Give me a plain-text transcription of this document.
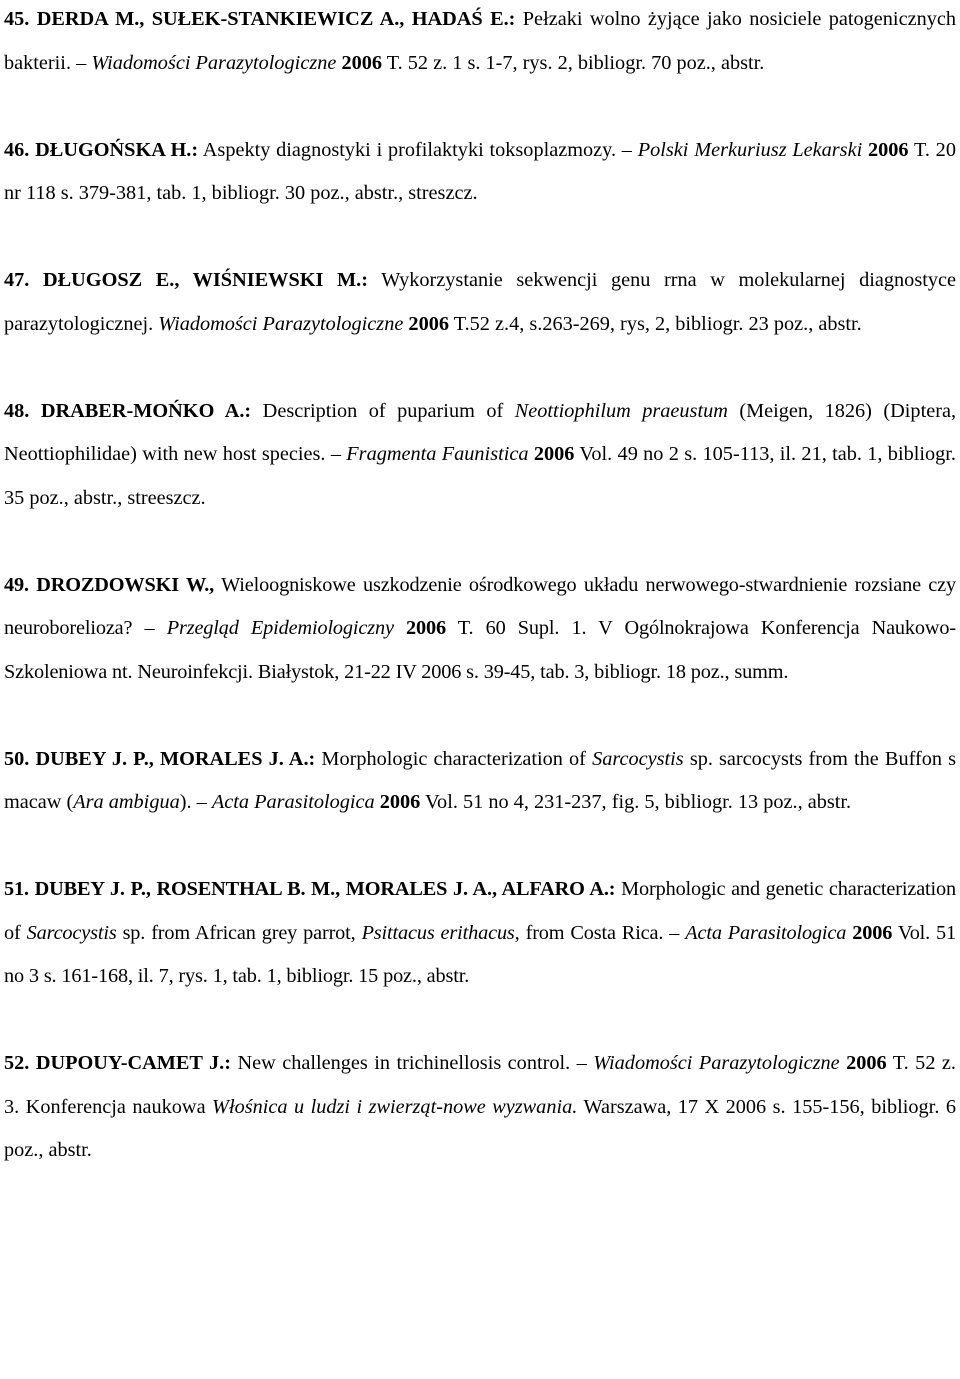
45. DERDA M., SUŁEK-STANKIEWICZ A., HADAŚ E.: Pełzaki wolno żyjące jako nosiciele patogenicznych bakterii. – Wiadomości Parazytologiczne 2006 T. 52 z. 1 s. 1-7, rys. 2, bibliogr. 70 poz., abstr.

46. DŁUGOŃSKA H.: Aspekty diagnostyki i profilaktyki toksoplazmozy. – Polski Merkuriusz Lekarski 2006 T. 20 nr 118 s. 379-381, tab. 1, bibliogr. 30 poz., abstr., streszcz.

47. DŁUGOSZ E., WIŚNIEWSKI M.: Wykorzystanie sekwencji genu rrna w molekularnej diagnostyce parazytologicznej. Wiadomości Parazytologiczne 2006 T.52 z.4, s.263-269, rys, 2, bibliogr. 23 poz., abstr.

48. DRABER-MOŃKO A.: Description of puparium of Neottiophilum praeustum (Meigen, 1826) (Diptera, Neottiophilidae) with new host species. – Fragmenta Faunistica 2006 Vol. 49 no 2 s. 105-113, il. 21, tab. 1, bibliogr. 35 poz., abstr., streeszcz.

49. DROZDOWSKI W., Wieloogniskowe uszkodzenie ośrodkowego układu nerwowego-stwardnienie rozsiane czy neuroborelioza? – Przegląd Epidemiologiczny 2006 T. 60 Supl. 1. V Ogólnokrajowa Konferencja Naukowo-Szkoleniowa nt. Neuroinfekcji. Białystok, 21-22 IV 2006 s. 39-45, tab. 3, bibliogr. 18 poz., summ.

50. DUBEY J. P., MORALES J. A.: Morphologic characterization of Sarcocystis sp. sarcocysts from the Buffon s macaw (Ara ambigua). – Acta Parasitologica 2006 Vol. 51 no 4, 231-237, fig. 5, bibliogr. 13 poz., abstr.

51. DUBEY J. P., ROSENTHAL B. M., MORALES J. A., ALFARO A.: Morphologic and genetic characterization of Sarcocystis sp. from African grey parrot, Psittacus erithacus, from Costa Rica. – Acta Parasitologica 2006 Vol. 51 no 3 s. 161-168, il. 7, rys. 1, tab. 1, bibliogr. 15 poz., abstr.

52. DUPOUY-CAMET J.: New challenges in trichinellosis control. – Wiadomości Parazytologiczne 2006 T. 52 z. 3. Konferencja naukowa Włośnica u ludzi i zwierząt-nowe wyzwania. Warszawa, 17 X 2006 s. 155-156, bibliogr. 6 poz., abstr.
